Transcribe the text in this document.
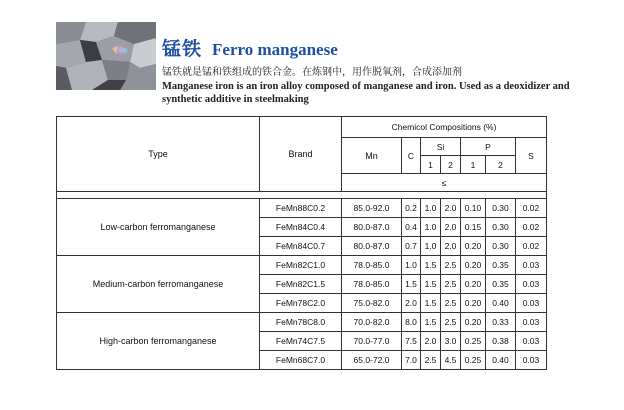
锰铁 Ferro manganese
锰铁就是锰和铁组成的铁合金。在炼钢中，用作脱氧剂，合成添加剂
Manganese iron is an iron alloy composed of manganese and iron. Used as a deoxidizer and synthetic additive in steelmaking
Type	Brand	Chemicol Compositions (%)						
		Mn	C	Si		P		S
				1	2	1	2	
		≤						

Low-carbon ferromanganese	FeMn88C0.2	85.0-92.0	0.2	1.0	2.0	0.10	0.30	0.02
	FeMn84C0.4	80.0-87.0	0.4	1.0	2.0	0.15	0.30	0.02
	FeMn84C0.7	80.0-87.0	0.7	1.0	2.0	0.20	0.30	0.02
Medium-carbon ferromanganese	FeMn82C1.0	78.0-85.0	1.0	1.5	2.5	0.20	0.35	0.03
	FeMn82C1.5	78.0-85.0	1.5	1.5	2.5	0.20	0.35	0.03
	FeMn78C2.0	75.0-82.0	2.0	1.5	2.5	0.20	0.40	0.03
High-carbon ferromanganese	FeMn78C8.0	70.0-82.0	8.0	1.5	2.5	0.20	0.33	0.03
	FeMn74C7.5	70.0-77.0	7.5	2.0	3.0	0.25	0.38	0.03
	FeMn68C7.0	65.0-72.0	7.0	2.5	4.5	0.25	0.40	0.03
